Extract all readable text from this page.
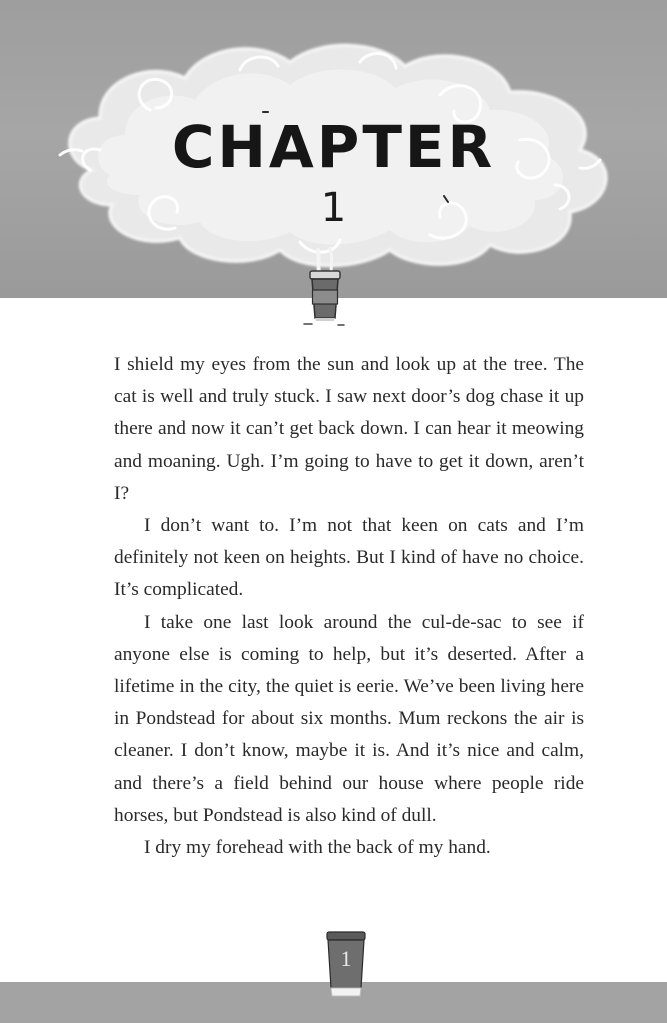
CHAPTER
1

I shield my eyes from the sun and look up at the tree. The cat is well and truly stuck. I saw next door’s dog chase it up there and now it can’t get back down. I can hear it meowing and moaning. Ugh. I’m going to have to get it down, aren’t I?

I don’t want to. I’m not that keen on cats and I’m definitely not keen on heights. But I kind of have no choice. It’s complicated.

I take one last look around the cul-de-sac to see if anyone else is coming to help, but it’s deserted. After a lifetime in the city, the quiet is eerie. We’ve been living here in Pondstead for about six months. Mum reckons the air is cleaner. I don’t know, maybe it is. And it’s nice and calm, and there’s a field behind our house where people ride horses, but Pondstead is also kind of dull.

I dry my forehead with the back of my hand.

1
